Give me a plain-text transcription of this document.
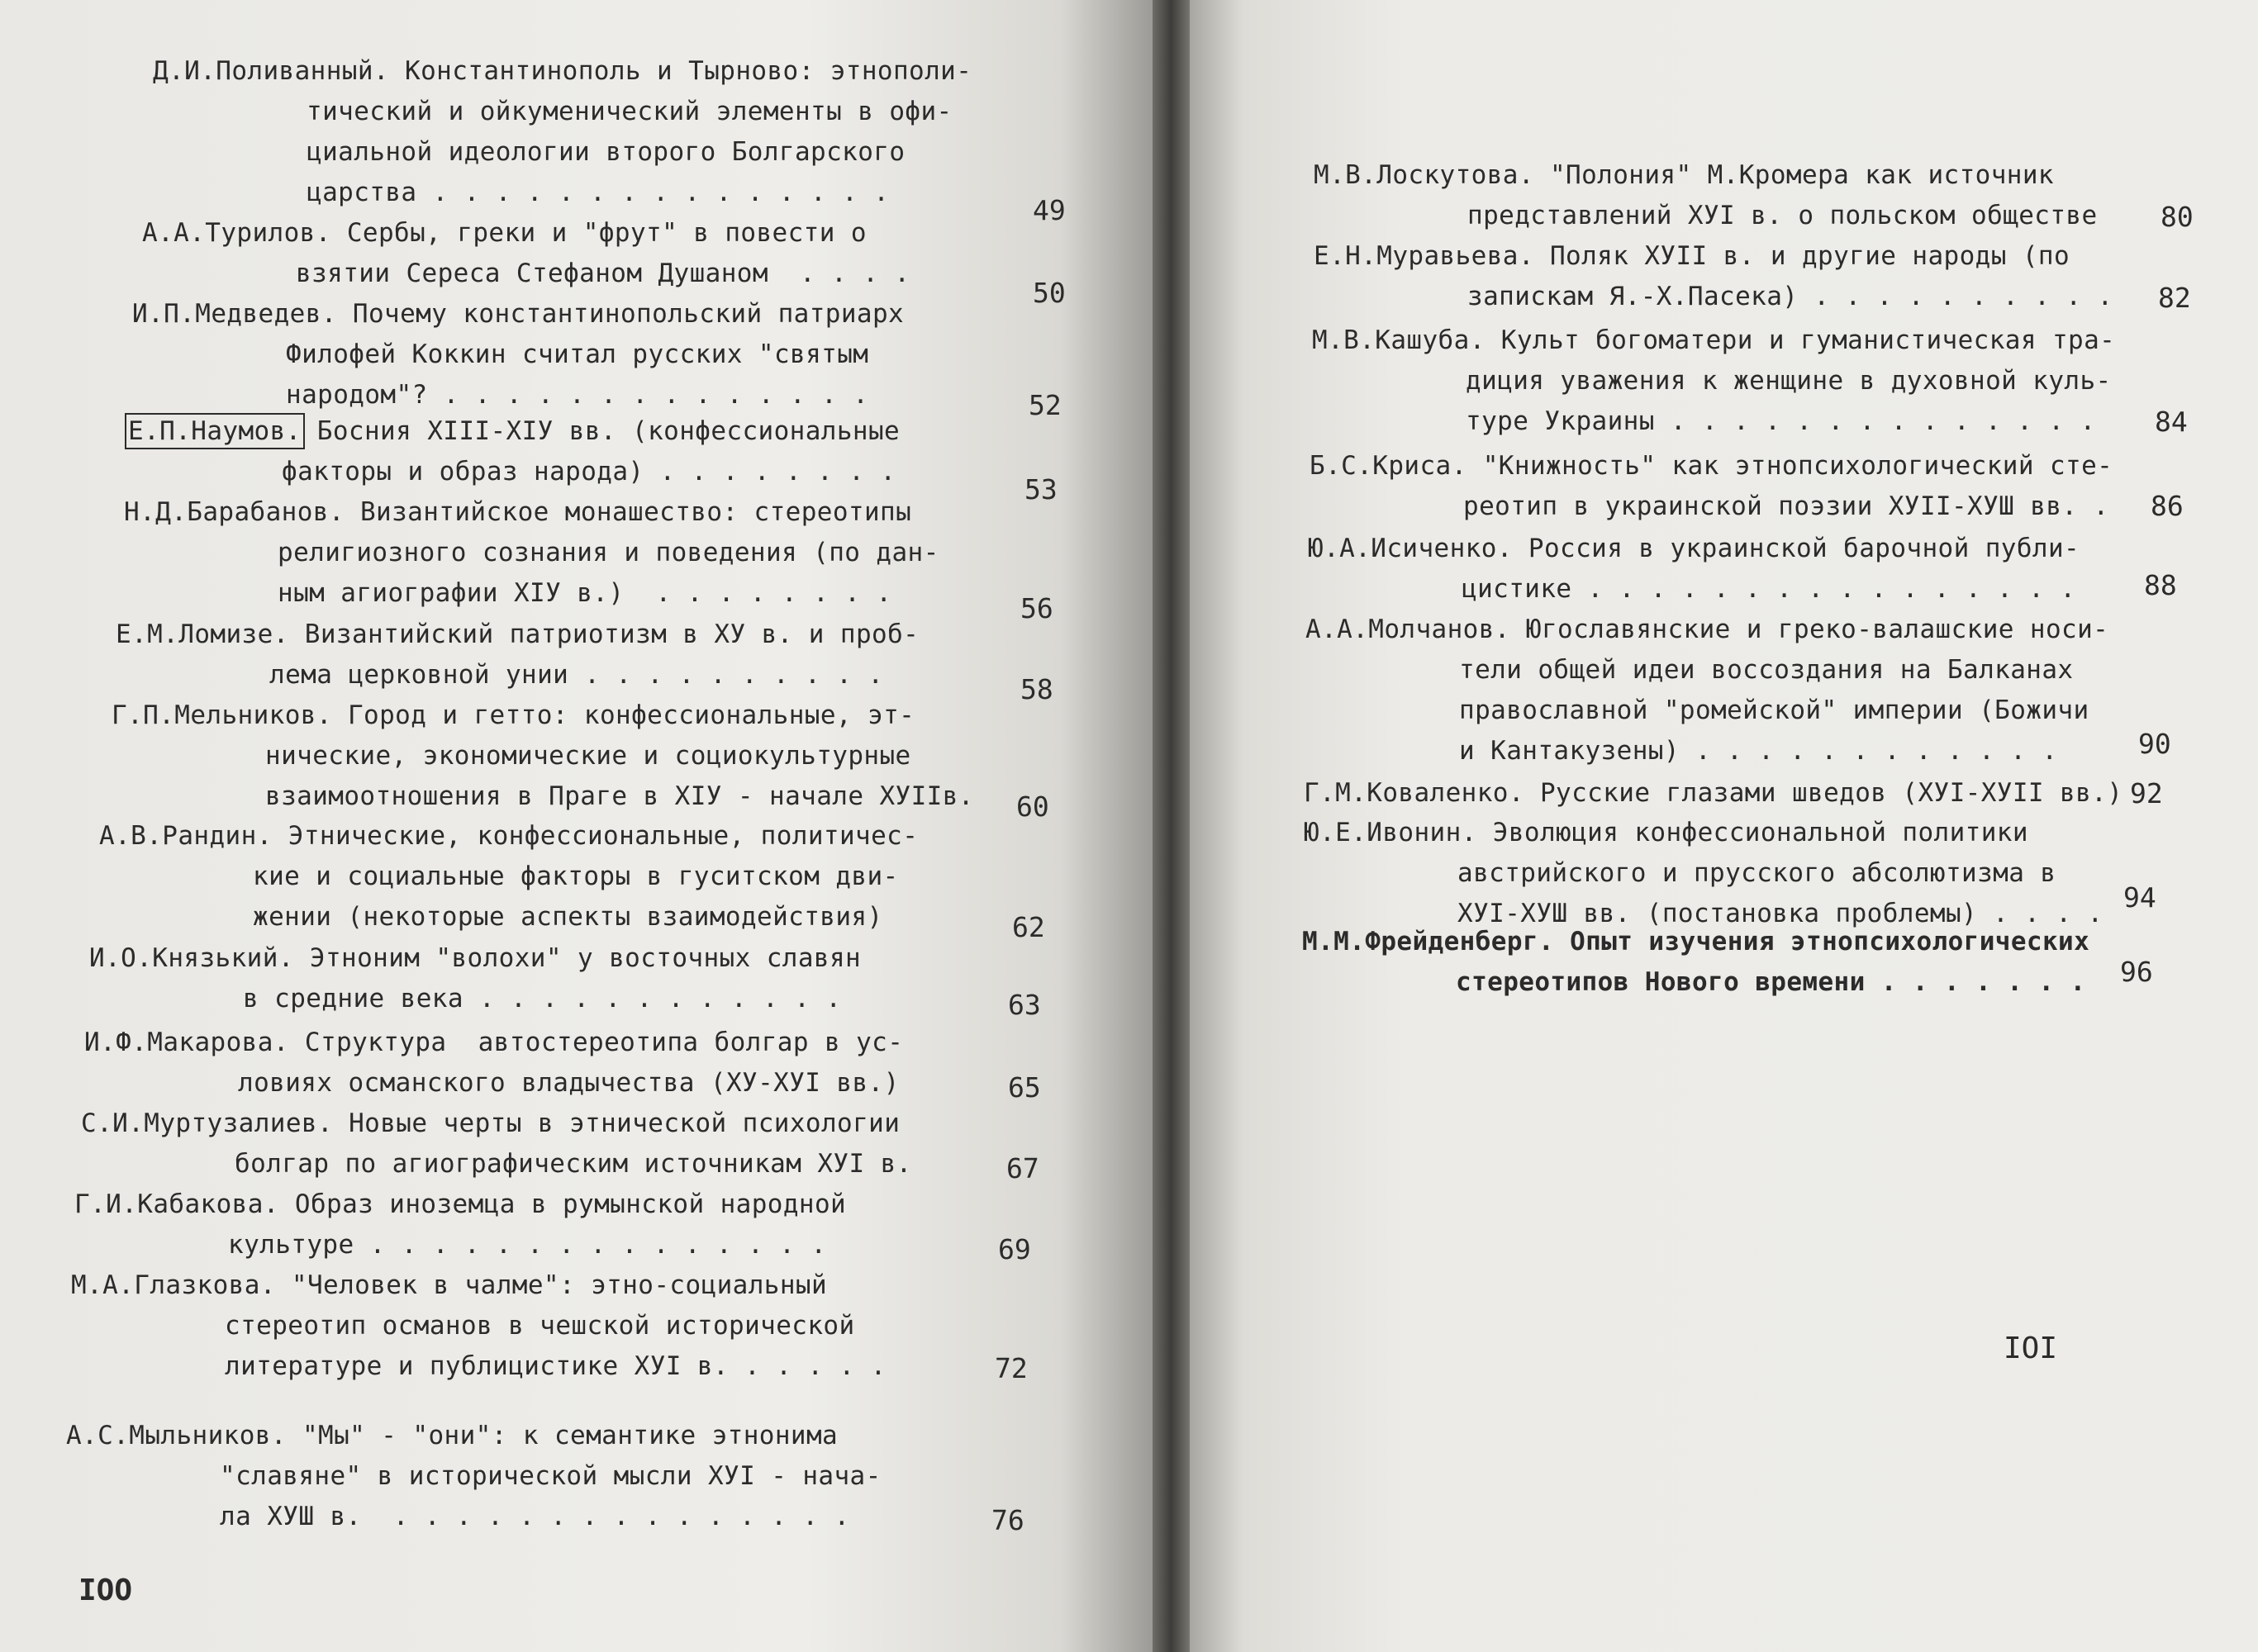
Д.И.Поливанный. Константинополь и Тырново: этнополи-
тический и ойкуменический элементы в офи-
циальной идеологии второго Болгарского
царства . . . . . . . . . . . . . . .
49
А.А.Турилов. Сербы, греки и "фрут" в повести о
взятии Сереса Стефаном Душаном  . . . .
50
И.П.Медведев. Почему константинопольский патриарх
Филофей Коккин считал русских "святым
народом"? . . . . . . . . . . . . . .	52
Е.П.Наумов. Босния XIII-XIУ вв. (конфессиональные
факторы и образ народа) . . . . . . . .
53
Н.Д.Барабанов. Византийское монашество: стереотипы
религиозного сознания и поведения (по дан-
ным агиографии XIУ в.)  . . . . . . . .	56
Е.М.Ломизе. Византийский патриотизм в ХУ в. и проб-
лема церковной унии . . . . . . . . . .	58
Г.П.Мельников. Город и гетто: конфессиональные, эт-
нические, экономические и социокультурные
взаимоотношения в Праге в XIУ - начале ХУIIв. 60
А.В.Рандин. Этнические, конфессиональные, политичес-
кие и социальные факторы в гуситском дви-
жении (некоторые аспекты взаимодействия)	62
И.О.Князький. Этноним "волохи" у восточных славян
в средние века . . . . . . . . . . . .	63
И.Ф.Макарова. Структура  автостереотипа болгар в ус-
ловиях османского владычества (ХУ-ХУI вв.)	65
С.И.Муртузалиев. Новые черты в этнической психологии
болгар по агиографическим источникам ХУI в.	67
Г.И.Кабакова. Образ иноземца в румынской народной
культуре . . . . . . . . . . . . . . .	69
М.А.Глазкова. "Человек в чалме": этно-социальный
стереотип османов в чешской исторической
литературе и публицистике ХУI в. . . . . .	72
А.С.Мыльников. "Мы" - "они": к семантике этнонима
"славяне" в исторической мысли ХУI - нача-
ла ХУШ в.  . . . . . . . . . . . . . . .	76
IOO
М.В.Лоскутова. "Полония" М.Кромера как источник
представлений ХУI в. о польском обществе 80
Е.Н.Муравьева. Поляк ХУII в. и другие народы (по
запискам Я.-Х.Пасека) . . . . . . . . . . 82
М.В.Кашуба. Культ богоматери и гуманистическая тра-
диция уважения к женщине в духовной куль-
туре Украины . . . . . . . . . . . . . .	84
Б.С.Криса. "Книжность" как этнопсихологический сте-
реотип в украинской поэзии ХУII-ХУШ вв. . 86
Ю.А.Исиченко. Россия в украинской барочной публи-
цистике . . . . . . . . . . . . . . . .	88
А.А.Молчанов. Югославянские и греко-валашские носи-
тели общей идеи воссоздания на Балканах
православной "ромейской" империи (Божичи
и Кантакузены) . . . . . . . . . . . .	90
Г.М.Коваленко. Русские глазами шведов (ХУI-ХУII вв.) 92
Ю.Е.Ивонин. Эволюция конфессиональной политики
австрийского и прусского абсолютизма в
ХУI-ХУШ вв. (постановка проблемы) . . . . 94
М.М.Фрейденберг. Опыт изучения этнопсихологических
стереотипов Нового времени . . . . . . . 96
IOI
